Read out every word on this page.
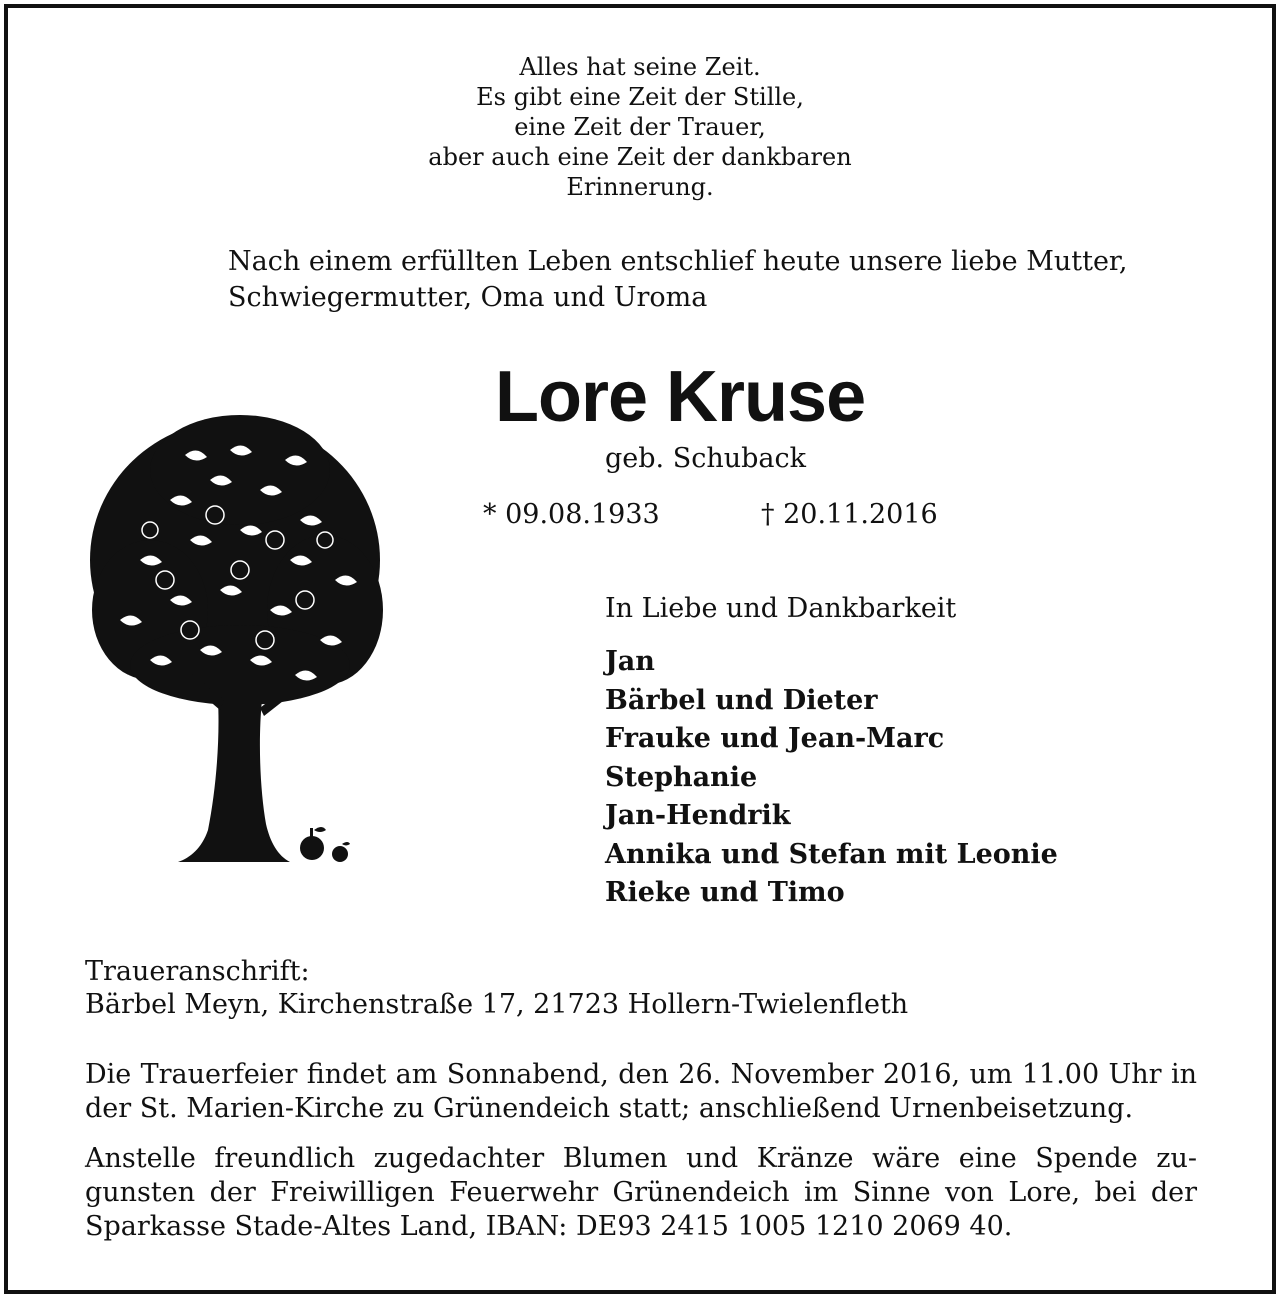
Alles hat seine Zeit.
Es gibt eine Zeit der Stille,
eine Zeit der Trauer,
aber auch eine Zeit der dankbaren
Erinnerung.
Nach einem erfüllten Leben entschlief heute unsere liebe Mutter,
Schwiegermutter, Oma und Uroma
Lore Kruse
geb. Schuback
* 09.08.1933	† 20.11.2016
In Liebe und Dankbarkeit
Jan
Bärbel und Dieter
Frauke und Jean-Marc
Stephanie
Jan-Hendrik
Annika und Stefan mit Leonie
Rieke und Timo
Traueranschrift:
Bärbel Meyn, Kirchenstraße 17, 21723 Hollern-Twielenfleth
Die Trauerfeier findet am Sonnabend, den 26. November 2016, um 11.00 Uhr in
der St. Marien-Kirche zu Grünendeich statt; anschließend Urnenbeisetzung.
Anstelle freundlich zugedachter Blumen und Kränze wäre eine Spende zu-
gunsten der Freiwilligen Feuerwehr Grünendeich im Sinne von Lore, bei der
Sparkasse Stade-Altes Land, IBAN: DE93 2415 1005 1210 2069 40.
